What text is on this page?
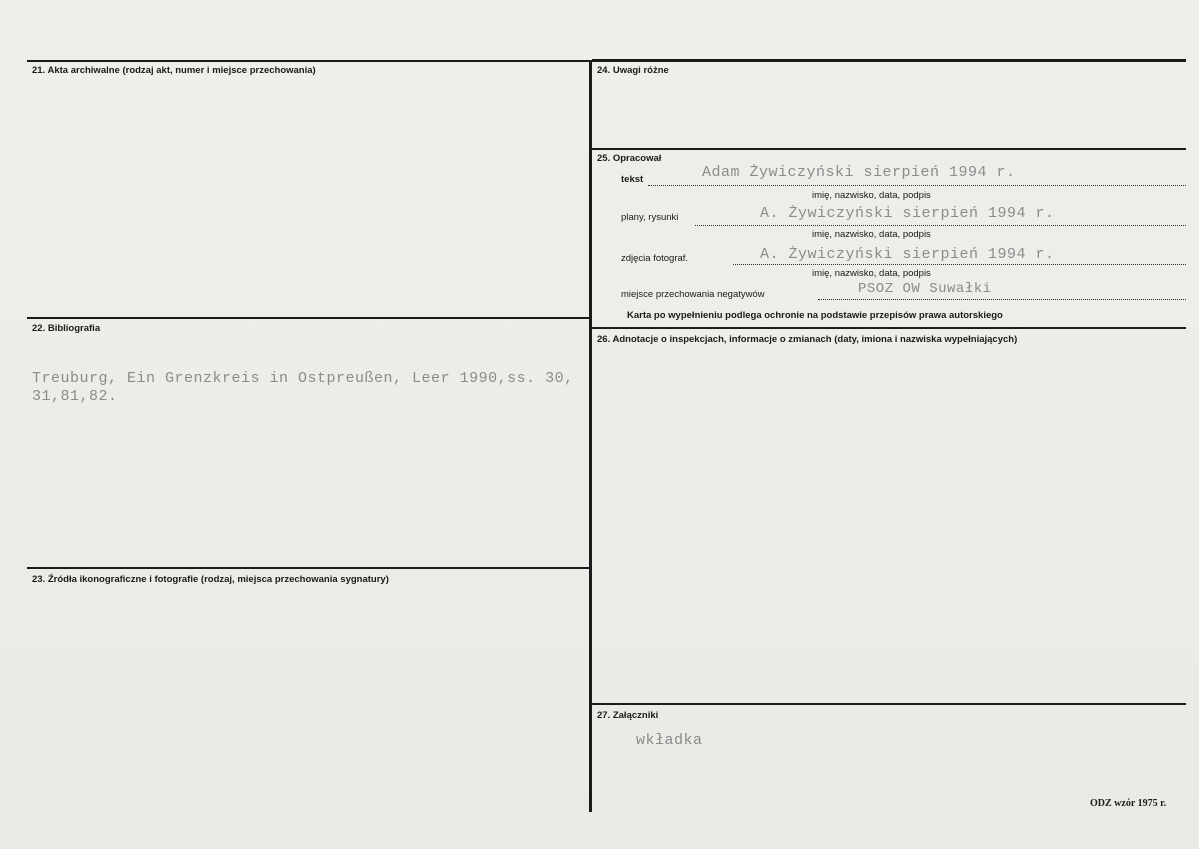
21. Akta archiwalne (rodzaj akt, numer i miejsce przechowania)
22. Bibliografia
Treuburg, Ein Grenzkreis in Ostpreußen, Leer 1990,ss. 30,
31,81,82.
23. Źródła ikonograficzne i fotografie (rodzaj, miejsca przechowania sygnatury)
24. Uwagi różne
25. Opracował
tekst	Adam Żywiczyński sierpień 1994 r.
imię, nazwisko, data, podpis
plany, rysunki	A. Żywiczyński sierpień 1994 r.
imię, nazwisko, data, podpis
zdjęcia fotograf.	A. Żywiczyński sierpień 1994 r.
imię, nazwisko, data, podpis
miejsce przechowania negatywów	PSOZ OW Suwałki
Karta po wypełnieniu podlega ochronie na podstawie przepisów prawa autorskiego
26. Adnotacje o inspekcjach, informacje o zmianach (daty, imiona i nazwiska wypełniających)
27. Załączniki
wkładka
ODZ wzór 1975 r.
